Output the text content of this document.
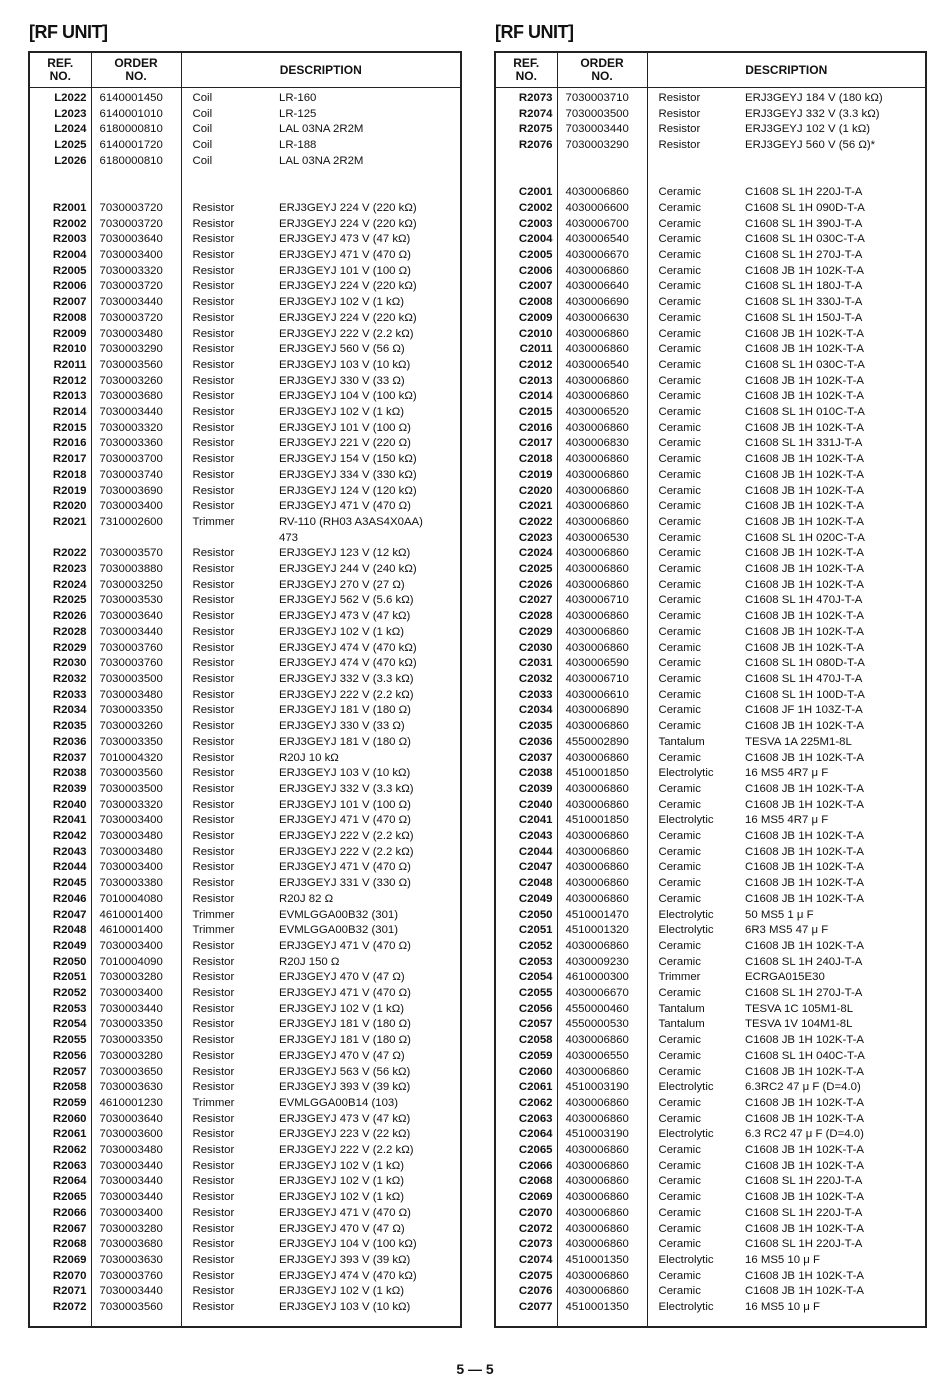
[RF UNIT]	[RF UNIT]
REF.
NO.	ORDER
NO.	DESCRIPTION	
L2022	6140001450	Coil	LR-160
L2023	6140001010	Coil	LR-125
L2024	6180000810	Coil	LAL 03NA 2R2M
L2025	6140001720	Coil	LR-188
L2026	6180000810	Coil	LAL 03NA 2R2M

R2001	7030003720	Resistor	ERJ3GEYJ 224 V (220 kΩ)
R2002	7030003720	Resistor	ERJ3GEYJ 224 V (220 kΩ)
R2003	7030003640	Resistor	ERJ3GEYJ 473 V (47 kΩ)
R2004	7030003400	Resistor	ERJ3GEYJ 471 V (470 Ω)
R2005	7030003320	Resistor	ERJ3GEYJ 101 V (100 Ω)
R2006	7030003720	Resistor	ERJ3GEYJ 224 V (220 kΩ)
R2007	7030003440	Resistor	ERJ3GEYJ 102 V (1 kΩ)
R2008	7030003720	Resistor	ERJ3GEYJ 224 V (220 kΩ)
R2009	7030003480	Resistor	ERJ3GEYJ 222 V (2.2 kΩ)
R2010	7030003290	Resistor	ERJ3GEYJ 560 V (56 Ω)
R2011	7030003560	Resistor	ERJ3GEYJ 103 V (10 kΩ)
R2012	7030003260	Resistor	ERJ3GEYJ 330 V (33 Ω)
R2013	7030003680	Resistor	ERJ3GEYJ 104 V (100 kΩ)
R2014	7030003440	Resistor	ERJ3GEYJ 102 V (1 kΩ)
R2015	7030003320	Resistor	ERJ3GEYJ 101 V (100 Ω)
R2016	7030003360	Resistor	ERJ3GEYJ 221 V (220 Ω)
R2017	7030003700	Resistor	ERJ3GEYJ 154 V (150 kΩ)
R2018	7030003740	Resistor	ERJ3GEYJ 334 V (330 kΩ)
R2019	7030003690	Resistor	ERJ3GEYJ 124 V (120 kΩ)
R2020	7030003400	Resistor	ERJ3GEYJ 471 V (470 Ω)
R2021	7310002600	Trimmer	RV-110 (RH03 A3AS4X0AA)
			473
R2022	7030003570	Resistor	ERJ3GEYJ 123 V (12 kΩ)
R2023	7030003880	Resistor	ERJ3GEYJ 244 V (240 kΩ)
R2024	7030003250	Resistor	ERJ3GEYJ 270 V (27 Ω)
R2025	7030003530	Resistor	ERJ3GEYJ 562 V (5.6 kΩ)
R2026	7030003640	Resistor	ERJ3GEYJ 473 V (47 kΩ)
R2028	7030003440	Resistor	ERJ3GEYJ 102 V (1 kΩ)
R2029	7030003760	Resistor	ERJ3GEYJ 474 V (470 kΩ)
R2030	7030003760	Resistor	ERJ3GEYJ 474 V (470 kΩ)
R2032	7030003500	Resistor	ERJ3GEYJ 332 V (3.3 kΩ)
R2033	7030003480	Resistor	ERJ3GEYJ 222 V (2.2 kΩ)
R2034	7030003350	Resistor	ERJ3GEYJ 181 V (180 Ω)
R2035	7030003260	Resistor	ERJ3GEYJ 330 V (33 Ω)
R2036	7030003350	Resistor	ERJ3GEYJ 181 V (180 Ω)
R2037	7010004320	Resistor	R20J 10 kΩ
R2038	7030003560	Resistor	ERJ3GEYJ 103 V (10 kΩ)
R2039	7030003500	Resistor	ERJ3GEYJ 332 V (3.3 kΩ)
R2040	7030003320	Resistor	ERJ3GEYJ 101 V (100 Ω)
R2041	7030003400	Resistor	ERJ3GEYJ 471 V (470 Ω)
R2042	7030003480	Resistor	ERJ3GEYJ 222 V (2.2 kΩ)
R2043	7030003480	Resistor	ERJ3GEYJ 222 V (2.2 kΩ)
R2044	7030003400	Resistor	ERJ3GEYJ 471 V (470 Ω)
R2045	7030003380	Resistor	ERJ3GEYJ 331 V (330 Ω)
R2046	7010004080	Resistor	R20J 82 Ω
R2047	4610001400	Trimmer	EVMLGGA00B32 (301)
R2048	4610001400	Trimmer	EVMLGGA00B32 (301)
R2049	7030003400	Resistor	ERJ3GEYJ 471 V (470 Ω)
R2050	7010004090	Resistor	R20J 150 Ω
R2051	7030003280	Resistor	ERJ3GEYJ 470 V (47 Ω)
R2052	7030003400	Resistor	ERJ3GEYJ 471 V (470 Ω)
R2053	7030003440	Resistor	ERJ3GEYJ 102 V (1 kΩ)
R2054	7030003350	Resistor	ERJ3GEYJ 181 V (180 Ω)
R2055	7030003350	Resistor	ERJ3GEYJ 181 V (180 Ω)
R2056	7030003280	Resistor	ERJ3GEYJ 470 V (47 Ω)
R2057	7030003650	Resistor	ERJ3GEYJ 563 V (56 kΩ)
R2058	7030003630	Resistor	ERJ3GEYJ 393 V (39 kΩ)
R2059	4610001230	Trimmer	EVMLGGA00B14 (103)
R2060	7030003640	Resistor	ERJ3GEYJ 473 V (47 kΩ)
R2061	7030003600	Resistor	ERJ3GEYJ 223 V (22 kΩ)
R2062	7030003480	Resistor	ERJ3GEYJ 222 V (2.2 kΩ)
R2063	7030003440	Resistor	ERJ3GEYJ 102 V (1 kΩ)
R2064	7030003440	Resistor	ERJ3GEYJ 102 V (1 kΩ)
R2065	7030003440	Resistor	ERJ3GEYJ 102 V (1 kΩ)
R2066	7030003400	Resistor	ERJ3GEYJ 471 V (470 Ω)
R2067	7030003280	Resistor	ERJ3GEYJ 470 V (47 Ω)
R2068	7030003680	Resistor	ERJ3GEYJ 104 V (100 kΩ)
R2069	7030003630	Resistor	ERJ3GEYJ 393 V (39 kΩ)
R2070	7030003760	Resistor	ERJ3GEYJ 474 V (470 kΩ)
R2071	7030003440	Resistor	ERJ3GEYJ 102 V (1 kΩ)
R2072	7030003560	Resistor	ERJ3GEYJ 103 V (10 kΩ)

REF.
NO.	ORDER
NO.	DESCRIPTION	
R2073	7030003710	Resistor	ERJ3GEYJ 184 V (180 kΩ)
R2074	7030003500	Resistor	ERJ3GEYJ 332 V (3.3 kΩ)
R2075	7030003440	Resistor	ERJ3GEYJ 102 V (1 kΩ)
R2076	7030003290	Resistor	ERJ3GEYJ 560 V (56 Ω)*

C2001	4030006860	Ceramic	C1608 SL 1H 220J-T-A
C2002	4030006600	Ceramic	C1608 SL 1H 090D-T-A
C2003	4030006700	Ceramic	C1608 SL 1H 390J-T-A
C2004	4030006540	Ceramic	C1608 SL 1H 030C-T-A
C2005	4030006670	Ceramic	C1608 SL 1H 270J-T-A
C2006	4030006860	Ceramic	C1608 JB 1H 102K-T-A
C2007	4030006640	Ceramic	C1608 SL 1H 180J-T-A
C2008	4030006690	Ceramic	C1608 SL 1H 330J-T-A
C2009	4030006630	Ceramic	C1608 SL 1H 150J-T-A
C2010	4030006860	Ceramic	C1608 JB 1H 102K-T-A
C2011	4030006860	Ceramic	C1608 JB 1H 102K-T-A
C2012	4030006540	Ceramic	C1608 SL 1H 030C-T-A
C2013	4030006860	Ceramic	C1608 JB 1H 102K-T-A
C2014	4030006860	Ceramic	C1608 JB 1H 102K-T-A
C2015	4030006520	Ceramic	C1608 SL 1H 010C-T-A
C2016	4030006860	Ceramic	C1608 JB 1H 102K-T-A
C2017	4030006830	Ceramic	C1608 SL 1H 331J-T-A
C2018	4030006860	Ceramic	C1608 JB 1H 102K-T-A
C2019	4030006860	Ceramic	C1608 JB 1H 102K-T-A
C2020	4030006860	Ceramic	C1608 JB 1H 102K-T-A
C2021	4030006860	Ceramic	C1608 JB 1H 102K-T-A
C2022	4030006860	Ceramic	C1608 JB 1H 102K-T-A
C2023	4030006530	Ceramic	C1608 SL 1H 020C-T-A
C2024	4030006860	Ceramic	C1608 JB 1H 102K-T-A
C2025	4030006860	Ceramic	C1608 JB 1H 102K-T-A
C2026	4030006860	Ceramic	C1608 JB 1H 102K-T-A
C2027	4030006710	Ceramic	C1608 SL 1H 470J-T-A
C2028	4030006860	Ceramic	C1608 JB 1H 102K-T-A
C2029	4030006860	Ceramic	C1608 JB 1H 102K-T-A
C2030	4030006860	Ceramic	C1608 JB 1H 102K-T-A
C2031	4030006590	Ceramic	C1608 SL 1H 080D-T-A
C2032	4030006710	Ceramic	C1608 SL 1H 470J-T-A
C2033	4030006610	Ceramic	C1608 SL 1H 100D-T-A
C2034	4030006890	Ceramic	C1608 JF 1H 103Z-T-A
C2035	4030006860	Ceramic	C1608 JB 1H 102K-T-A
C2036	4550002890	Tantalum	TESVA 1A 225M1-8L
C2037	4030006860	Ceramic	C1608 JB 1H 102K-T-A
C2038	4510001850	Electrolytic	16 MS5 4R7 μ F
C2039	4030006860	Ceramic	C1608 JB 1H 102K-T-A
C2040	4030006860	Ceramic	C1608 JB 1H 102K-T-A
C2041	4510001850	Electrolytic	16 MS5 4R7 μ F
C2043	4030006860	Ceramic	C1608 JB 1H 102K-T-A
C2044	4030006860	Ceramic	C1608 JB 1H 102K-T-A
C2047	4030006860	Ceramic	C1608 JB 1H 102K-T-A
C2048	4030006860	Ceramic	C1608 JB 1H 102K-T-A
C2049	4030006860	Ceramic	C1608 JB 1H 102K-T-A
C2050	4510001470	Electrolytic	50 MS5 1 μ F
C2051	4510001320	Electrolytic	6R3 MS5 47 μ F
C2052	4030006860	Ceramic	C1608 JB 1H 102K-T-A
C2053	4030009230	Ceramic	C1608 SL 1H 240J-T-A
C2054	4610000300	Trimmer	ECRGA015E30
C2055	4030006670	Ceramic	C1608 SL 1H 270J-T-A
C2056	4550000460	Tantalum	TESVA 1C 105M1-8L
C2057	4550000530	Tantalum	TESVA 1V 104M1-8L
C2058	4030006860	Ceramic	C1608 JB 1H 102K-T-A
C2059	4030006550	Ceramic	C1608 SL 1H 040C-T-A
C2060	4030006860	Ceramic	C1608 JB 1H 102K-T-A
C2061	4510003190	Electrolytic	6.3RC2 47 μ F (D=4.0)
C2062	4030006860	Ceramic	C1608 JB 1H 102K-T-A
C2063	4030006860	Ceramic	C1608 JB 1H 102K-T-A
C2064	4510003190	Electrolytic	6.3 RC2 47 μ F (D=4.0)
C2065	4030006860	Ceramic	C1608 JB 1H 102K-T-A
C2066	4030006860	Ceramic	C1608 JB 1H 102K-T-A
C2068	4030006860	Ceramic	C1608 SL 1H 220J-T-A
C2069	4030006860	Ceramic	C1608 JB 1H 102K-T-A
C2070	4030006860	Ceramic	C1608 SL 1H 220J-T-A
C2072	4030006860	Ceramic	C1608 JB 1H 102K-T-A
C2073	4030006860	Ceramic	C1608 SL 1H 220J-T-A
C2074	4510001350	Electrolytic	16 MS5 10 μ F
C2075	4030006860	Ceramic	C1608 JB 1H 102K-T-A
C2076	4030006860	Ceramic	C1608 JB 1H 102K-T-A
C2077	4510001350	Electrolytic	16 MS5 10 μ F

5 — 5
